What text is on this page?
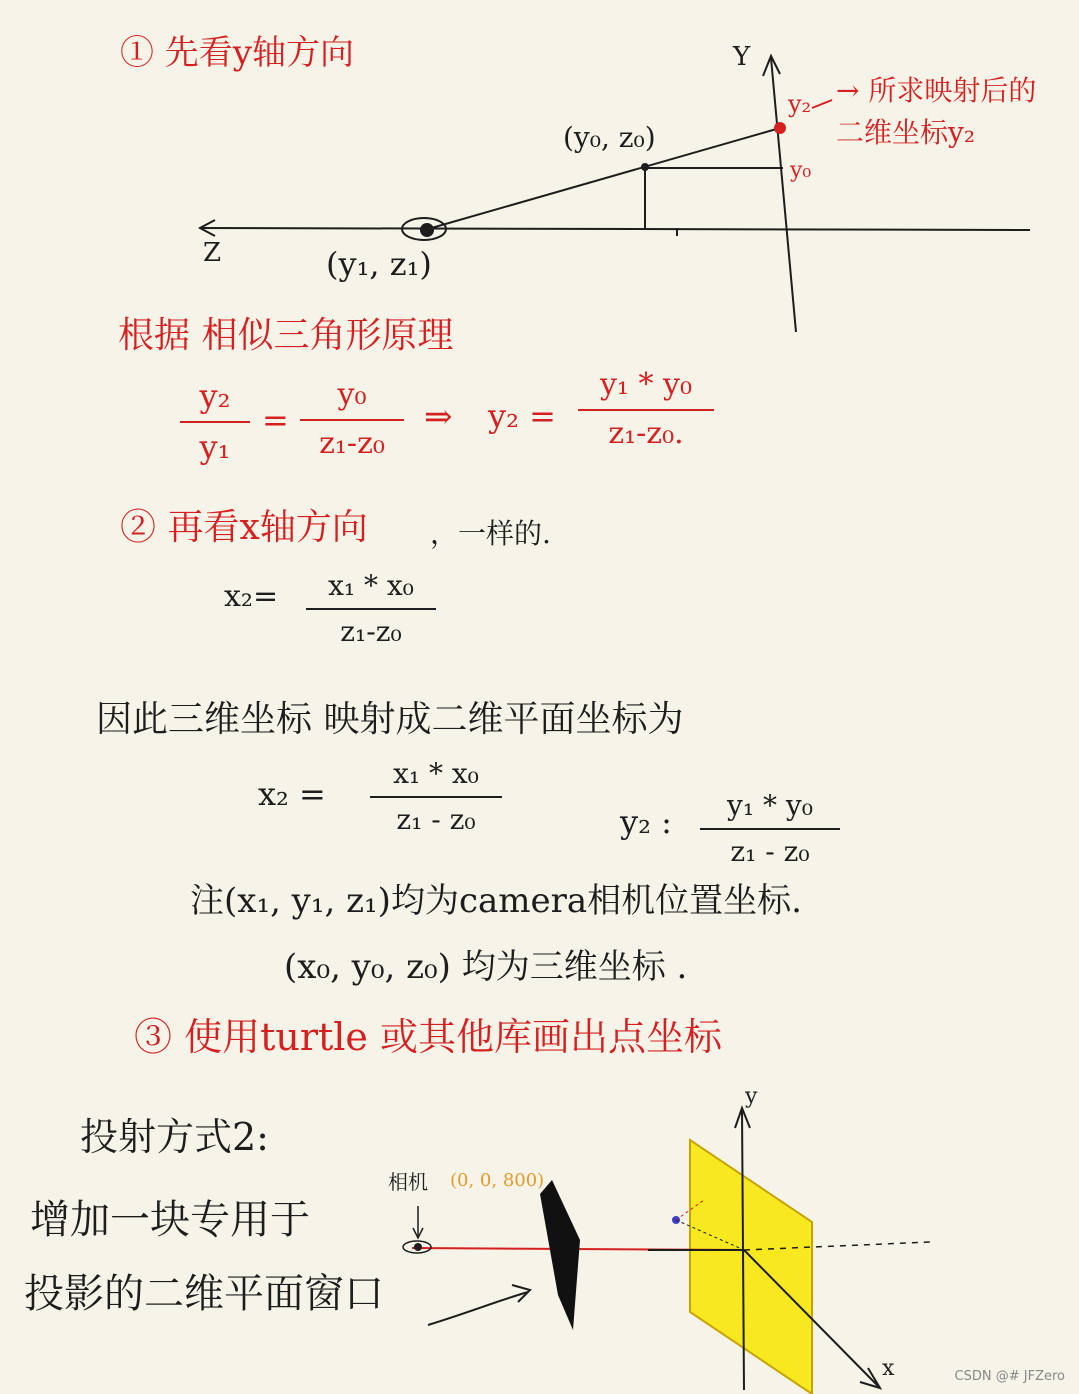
① 先看y轴方向	Y
Z
(y₀, z₀)
(y₁, z₁)
y₂
y₀
→ 所求映射后的
二维坐标y₂
根据 相似三角形原理
y₂
y₁
=
y₀
z₁-z₀
⇒ y₂ =
y₁ * y₀
z₁-z₀.
② 再看x轴方向 ，一样的.
x₂= x₁ * x₀
z₁-z₀
因此三维坐标 映射成二维平面坐标为
x₂ =
x₁ * x₀
z₁ - z₀	y₂ : y₁ * y₀
z₁ - z₀
注(x₁, y₁, z₁)均为camera相机位置坐标.
(x₀, y₀, z₀) 均为三维坐标 .
③ 使用turtle 或其他库画出点坐标
投射方式2:
增加一块专用于
投影的二维平面窗口
相机 (0, 0, 800)
y
x	CSDN @# JFZero
